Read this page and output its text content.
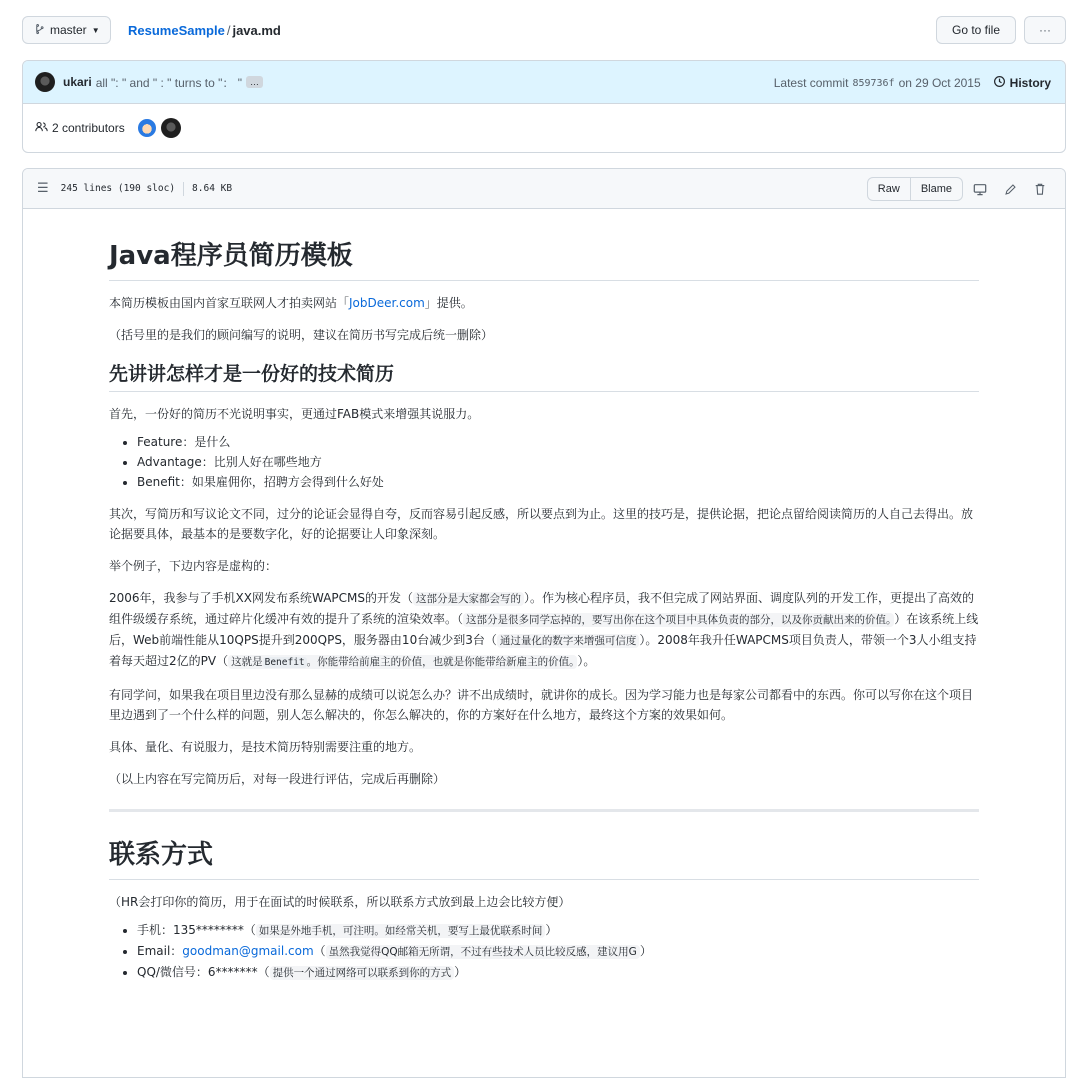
master ▼ ResumeSample / java.md	Go to file	···
ukari all ": " and " : " turns to "： " …	Latest commit 859736f on 29 Oct 2015 History
2 contributors
☰ 245 lines (190 sloc) 8.64 KB	Raw	Blame
Java程序员简历模板

本简历模板由国内首家互联网人才拍卖网站「JobDeer.com」提供。

（括号里的是我们的顾问编写的说明，建议在简历书写完成后统一删除）

先讲讲怎样才是一份好的技术简历

首先，一份好的简历不光说明事实，更通过FAB模式来增强其说服力。

• Feature：是什么
• Advantage：比别人好在哪些地方
• Benefit：如果雇佣你，招聘方会得到什么好处

其次，写简历和写议论文不同，过分的论证会显得自夸，反而容易引起反感，所以要点到为止。这里的技巧是，提供论据，把论点留给阅读简历的人自己去得出。放论据要具体，最基本的是要数字化，好的论据要让人印象深刻。

举个例子，下边内容是虚构的：

2006年，我参与了手机XX网发布系统WAPCMS的开发（ 这部分是大家都会写的 ）。作为核心程序员，我不但完成了网站界面、调度队列的开发工作，更提出了高效的组件级缓存系统，通过碎片化缓冲有效的提升了系统的渲染效率。（ 这部分是很多同学忘掉的，要写出你在这个项目中具体负责的部分，以及你贡献出来的价值。 ）在该系统上线后，Web前端性能从10QPS提升到200QPS，服务器由10台减少到3台（ 通过量化的数字来增强可信度 ）。2008年我升任WAPCMS项目负责人，带领一个3人小组支持着每天超过2亿的PV（ 这就是 Benefit 。你能带给前雇主的价值，也就是你能带给新雇主的价值。 ）。

有同学问，如果我在项目里边没有那么显赫的成绩可以说怎么办？讲不出成绩时，就讲你的成长。因为学习能力也是每家公司都看中的东西。你可以写你在这个项目里边遇到了一个什么样的问题，别人怎么解决的，你怎么解决的，你的方案好在什么地方，最终这个方案的效果如何。

具体、量化、有说服力，是技术简历特别需要注重的地方。

（以上内容在写完简历后，对每一段进行评估，完成后再删除）

联系方式

（HR会打印你的简历，用于在面试的时候联系，所以联系方式放到最上边会比较方便）

• 手机：135********（ 如果是外地手机，可注明。如经常关机，要写上最优联系时间 ）
• Email：goodman@gmail.com（ 虽然我觉得QQ邮箱无所谓，不过有些技术人员比较反感，建议用G ）
• QQ/微信号：6*******（ 提供一个通过网络可以联系到你的方式 ）
